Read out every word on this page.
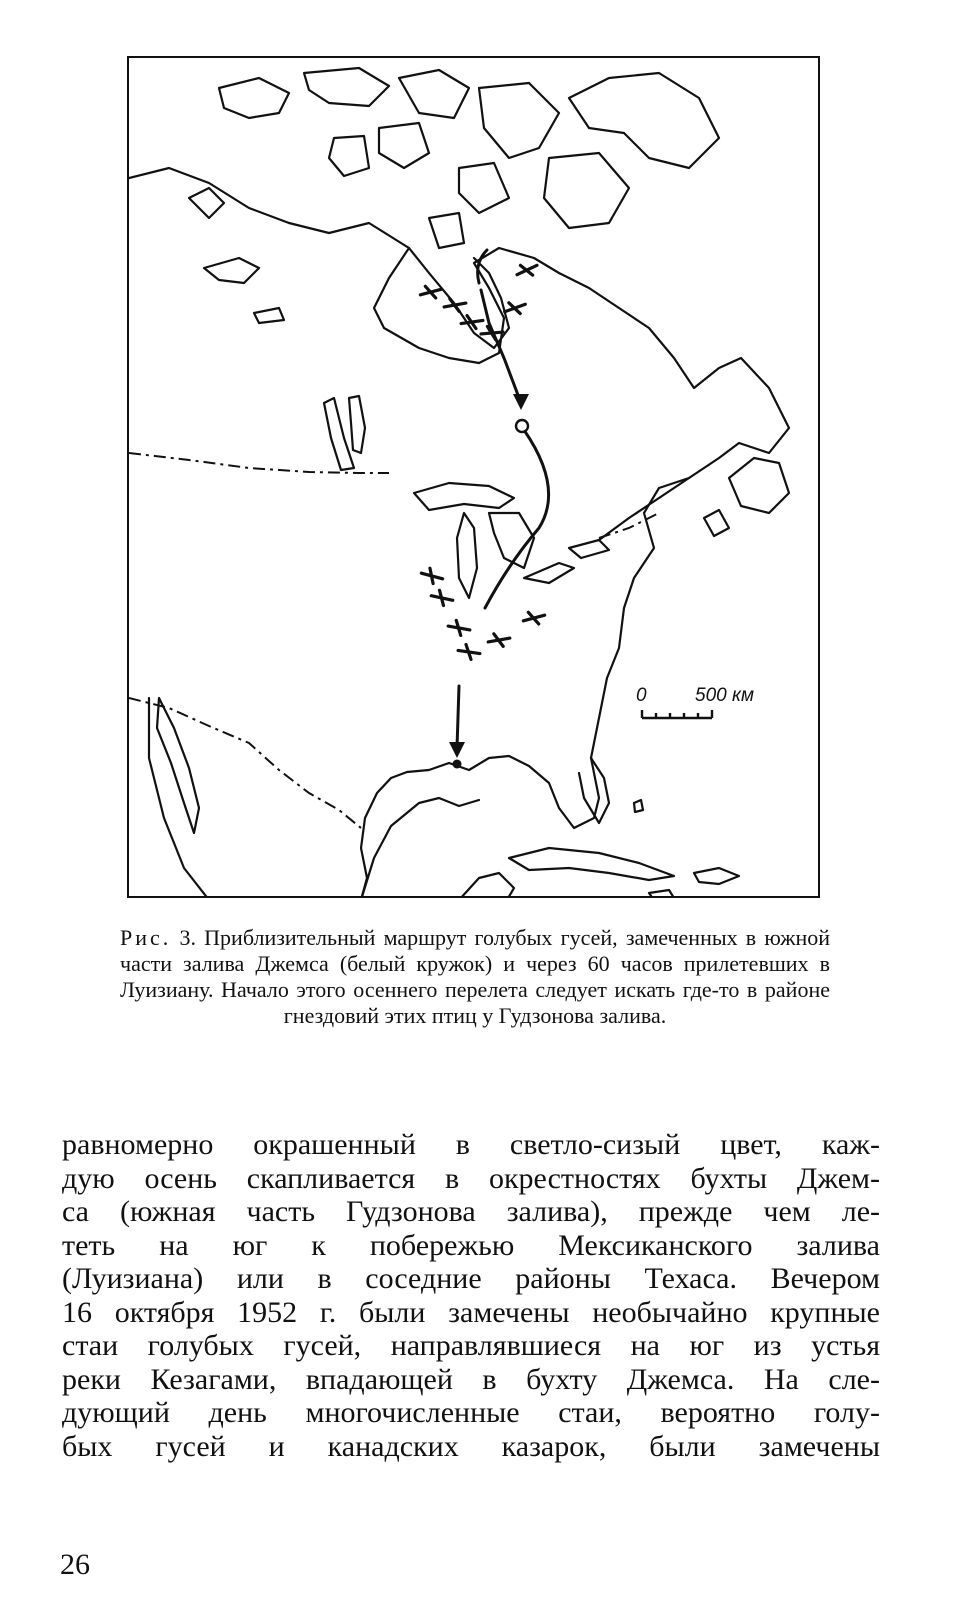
0	500 км
Рис. 3. Приблизительный маршрут голубых гусей, замеченных в южной части залива Джемса (белый кружок) и через 60 часов прилетевших в Луизиану. Начало этого осеннего перелета следует искать где-то в районе гнездовий этих птиц у Гудзонова залива.
равномерно окрашенный в светло-сизый цвет, каж-
дую осень скапливается в окрестностях бухты Джем-
са (южная часть Гудзонова залива), прежде чем ле-
теть на юг к побережью Мексиканского залива
(Луизиана) или в соседние районы Техаса. Вечером
16 октября 1952 г. были замечены необычайно крупные
стаи голубых гусей, направлявшиеся на юг из устья
реки Кезагами, впадающей в бухту Джемса. На сле-
дующий день многочисленные стаи, вероятно голу-
бых гусей и канадских казарок, были замечены
26
